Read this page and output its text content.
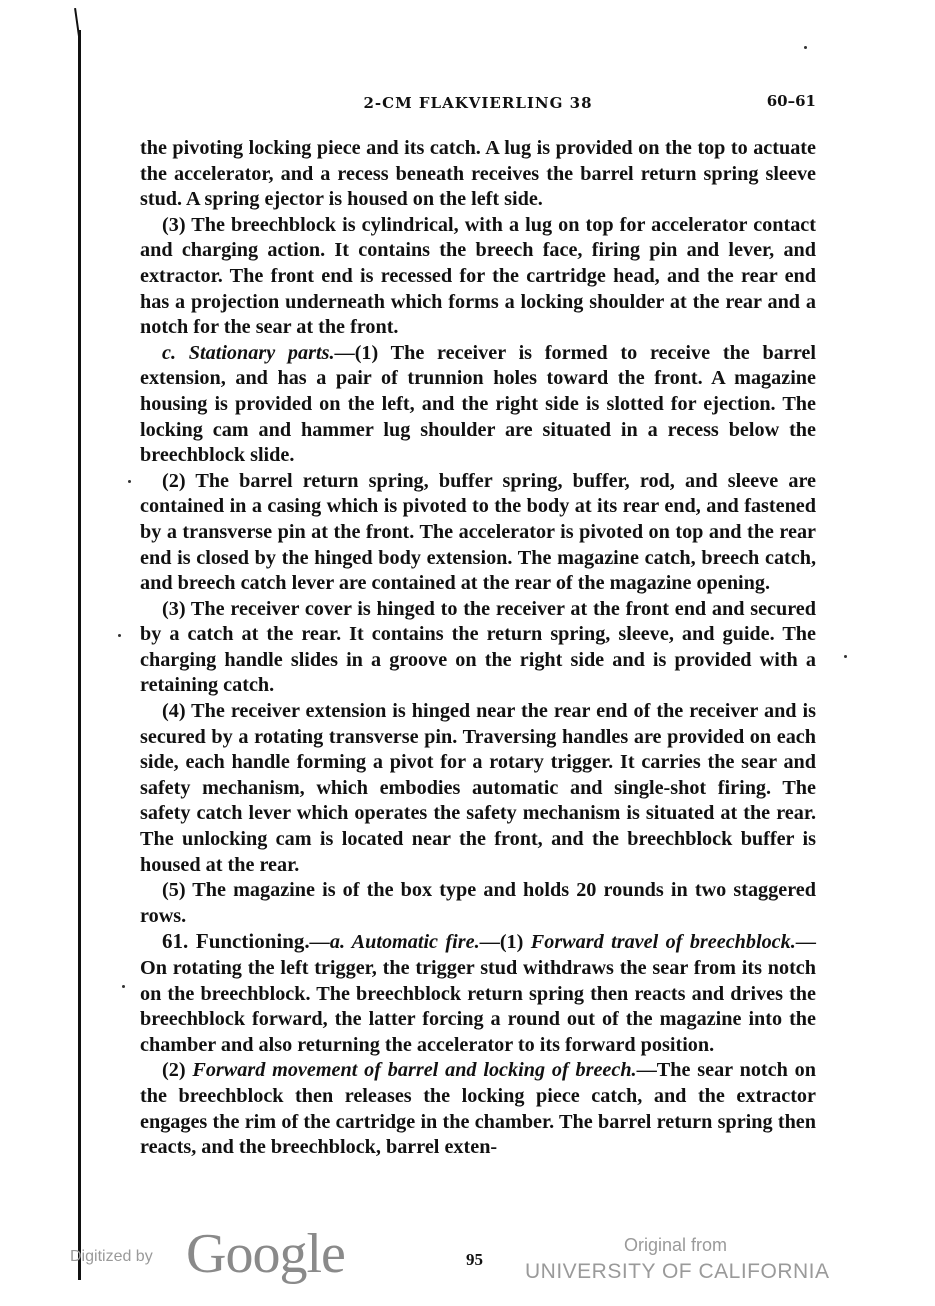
2-CM FLAKVIERLING 38	60–61

the pivoting locking piece and its catch. A lug is provided on the top to actuate the accelerator, and a recess beneath receives the barrel return spring sleeve stud. A spring ejector is housed on the left side.

(3) The breechblock is cylindrical, with a lug on top for accelerator contact and charging action. It contains the breech face, firing pin and lever, and extractor. The front end is recessed for the cartridge head, and the rear end has a projection underneath which forms a locking shoulder at the rear and a notch for the sear at the front.

c. Stationary parts.—(1) The receiver is formed to receive the barrel extension, and has a pair of trunnion holes toward the front. A magazine housing is provided on the left, and the right side is slotted for ejection. The locking cam and hammer lug shoulder are situated in a recess below the breechblock slide.

(2) The barrel return spring, buffer spring, buffer, rod, and sleeve are contained in a casing which is pivoted to the body at its rear end, and fastened by a transverse pin at the front. The accelerator is pivoted on top and the rear end is closed by the hinged body extension. The magazine catch, breech catch, and breech catch lever are contained at the rear of the magazine opening.

(3) The receiver cover is hinged to the receiver at the front end and secured by a catch at the rear. It contains the return spring, sleeve, and guide. The charging handle slides in a groove on the right side and is provided with a retaining catch.

(4) The receiver extension is hinged near the rear end of the receiver and is secured by a rotating transverse pin. Traversing handles are provided on each side, each handle forming a pivot for a rotary trigger. It carries the sear and safety mechanism, which embodies automatic and single-shot firing. The safety catch lever which operates the safety mechanism is situated at the rear. The unlocking cam is located near the front, and the breechblock buffer is housed at the rear.

(5) The magazine is of the box type and holds 20 rounds in two staggered rows.

61. Functioning.—a. Automatic fire.—(1) Forward travel of breechblock.—On rotating the left trigger, the trigger stud withdraws the sear from its notch on the breechblock. The breechblock return spring then reacts and drives the breechblock forward, the latter forcing a round out of the magazine into the chamber and also returning the accelerator to its forward position.

(2) Forward movement of barrel and locking of breech.—The sear notch on the breechblock then releases the locking piece catch, and the extractor engages the rim of the cartridge in the chamber. The barrel return spring then reacts, and the breechblock, barrel exten-

95
Digitized by Google	Original from
UNIVERSITY OF CALIFORNIA
